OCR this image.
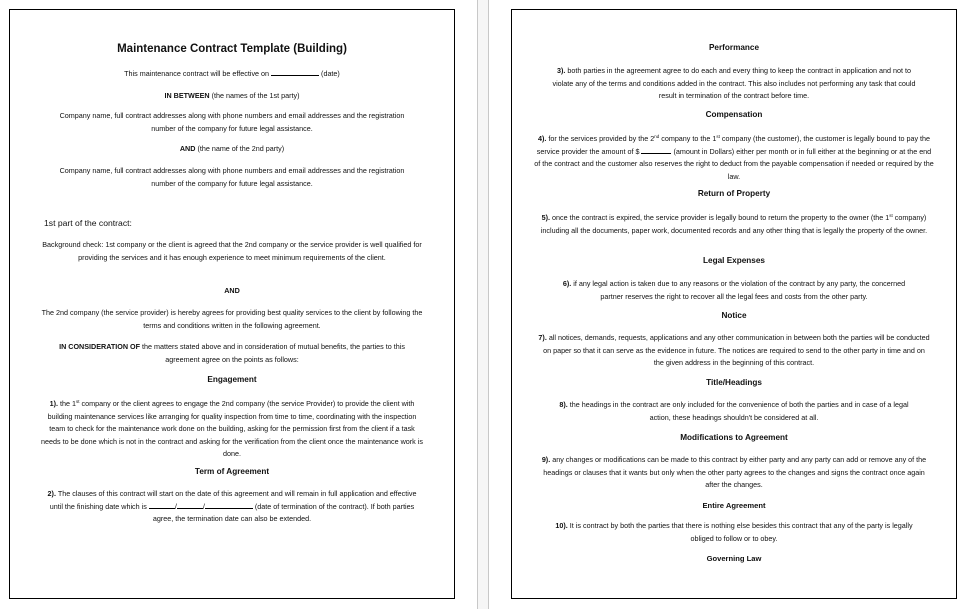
Maintenance Contract Template (Building)
This maintenance contract will be effective on	(date)
IN BETWEEN (the names of the 1st party)
Company name, full contract addresses along with phone numbers and email addresses and the registration number of the company for future legal assistance.
AND (the name of the 2nd party)
Company name, full contract addresses along with phone numbers and email addresses and the registration number of the company for future legal assistance.
1st part of the contract:
Background check: 1st company or the client is agreed that the 2nd company or the service provider is well qualified for providing the services and it has enough experience to meet minimum requirements of the client.
AND
The 2nd company (the service provider) is hereby agrees for providing best quality services to the client by following the terms and conditions written in the following agreement.
IN CONSIDERATION OF the matters stated above and in consideration of mutual benefits, the parties to this agreement agree on the points as follows:
Engagement
1). the 1st company or the client agrees to engage the 2nd company (the service Provider) to provide the client with building maintenance services like arranging for quality inspection from time to time, coordinating with the inspection team to check for the maintenance work done on the building, asking for the permission first from the client if a task needs to be done which is not in the contract and asking for the verification from the client once the maintenance work is done.
Term of Agreement
2). The clauses of this contract will start on the date of this agreement and will remain in full application and effective until the finishing date which is	/	/	(date of termination of the contract). If both parties agree, the termination date can also be extended.
Performance
3). both parties in the agreement agree to do each and every thing to keep the contract in application and not to violate any of the terms and conditions added in the contract. This also includes not performing any task that could result in termination of the contract before time.
Compensation
4). for the services provided by the 2nd company to the 1st company (the customer), the customer is legally bound to pay the service provider the amount of $	(amount in Dollars) either per month or in full either at the beginning or at the end of the contract and the customer also reserves the right to deduct from the payable compensation if needed or required by the law.
Return of Property
5). once the contract is expired, the service provider is legally bound to return the property to the owner (the 1st company) including all the documents, paper work, documented records and any other thing that is legally the property of the owner.
Legal Expenses
6). if any legal action is taken due to any reasons or the violation of the contract by any party, the concerned partner reserves the right to recover all the legal fees and costs from the other party.
Notice
7). all notices, demands, requests, applications and any other communication in between both the parties will be conducted on paper so that it can serve as the evidence in future. The notices are required to send to the other party in time and on the given address in the beginning of this contract.
Title/Headings
8). the headings in the contract are only included for the convenience of both the parties and in case of a legal action, these headings shouldn't be considered at all.
Modifications to Agreement
9). any changes or modifications can be made to this contract by either party and any party can add or remove any of the headings or clauses that it wants but only when the other party agrees to the changes and signs the contract once again after the changes.
Entire Agreement
10). It is contract by both the parties that there is nothing else besides this contract that any of the party is legally obliged to follow or to obey.
Governing Law
